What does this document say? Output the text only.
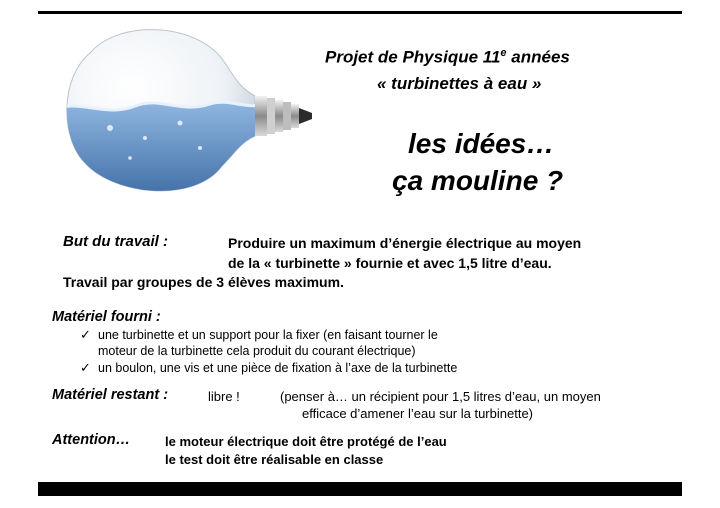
Projet de Physique 11e années
« turbinettes à eau »
les idées…
ça mouline ?
But du travail :	Produire un maximum d’énergie électrique au moyen
de la « turbinette » fournie et avec 1,5 litre d’eau.
Travail par groupes de 3 élèves maximum.
Matériel fourni :
✓ une turbinette et un support pour la fixer (en faisant tourner le
moteur de la turbinette cela produit du courant électrique)
✓ un boulon, une vis et une pièce de fixation à l’axe de la turbinette
Matériel restant :	libre !	(penser à… un récipient pour 1,5 litres d’eau, un moyen
efficace d’amener l’eau sur la turbinette)
Attention…	le moteur électrique doit être protégé de l’eau
le test doit être réalisable en classe
